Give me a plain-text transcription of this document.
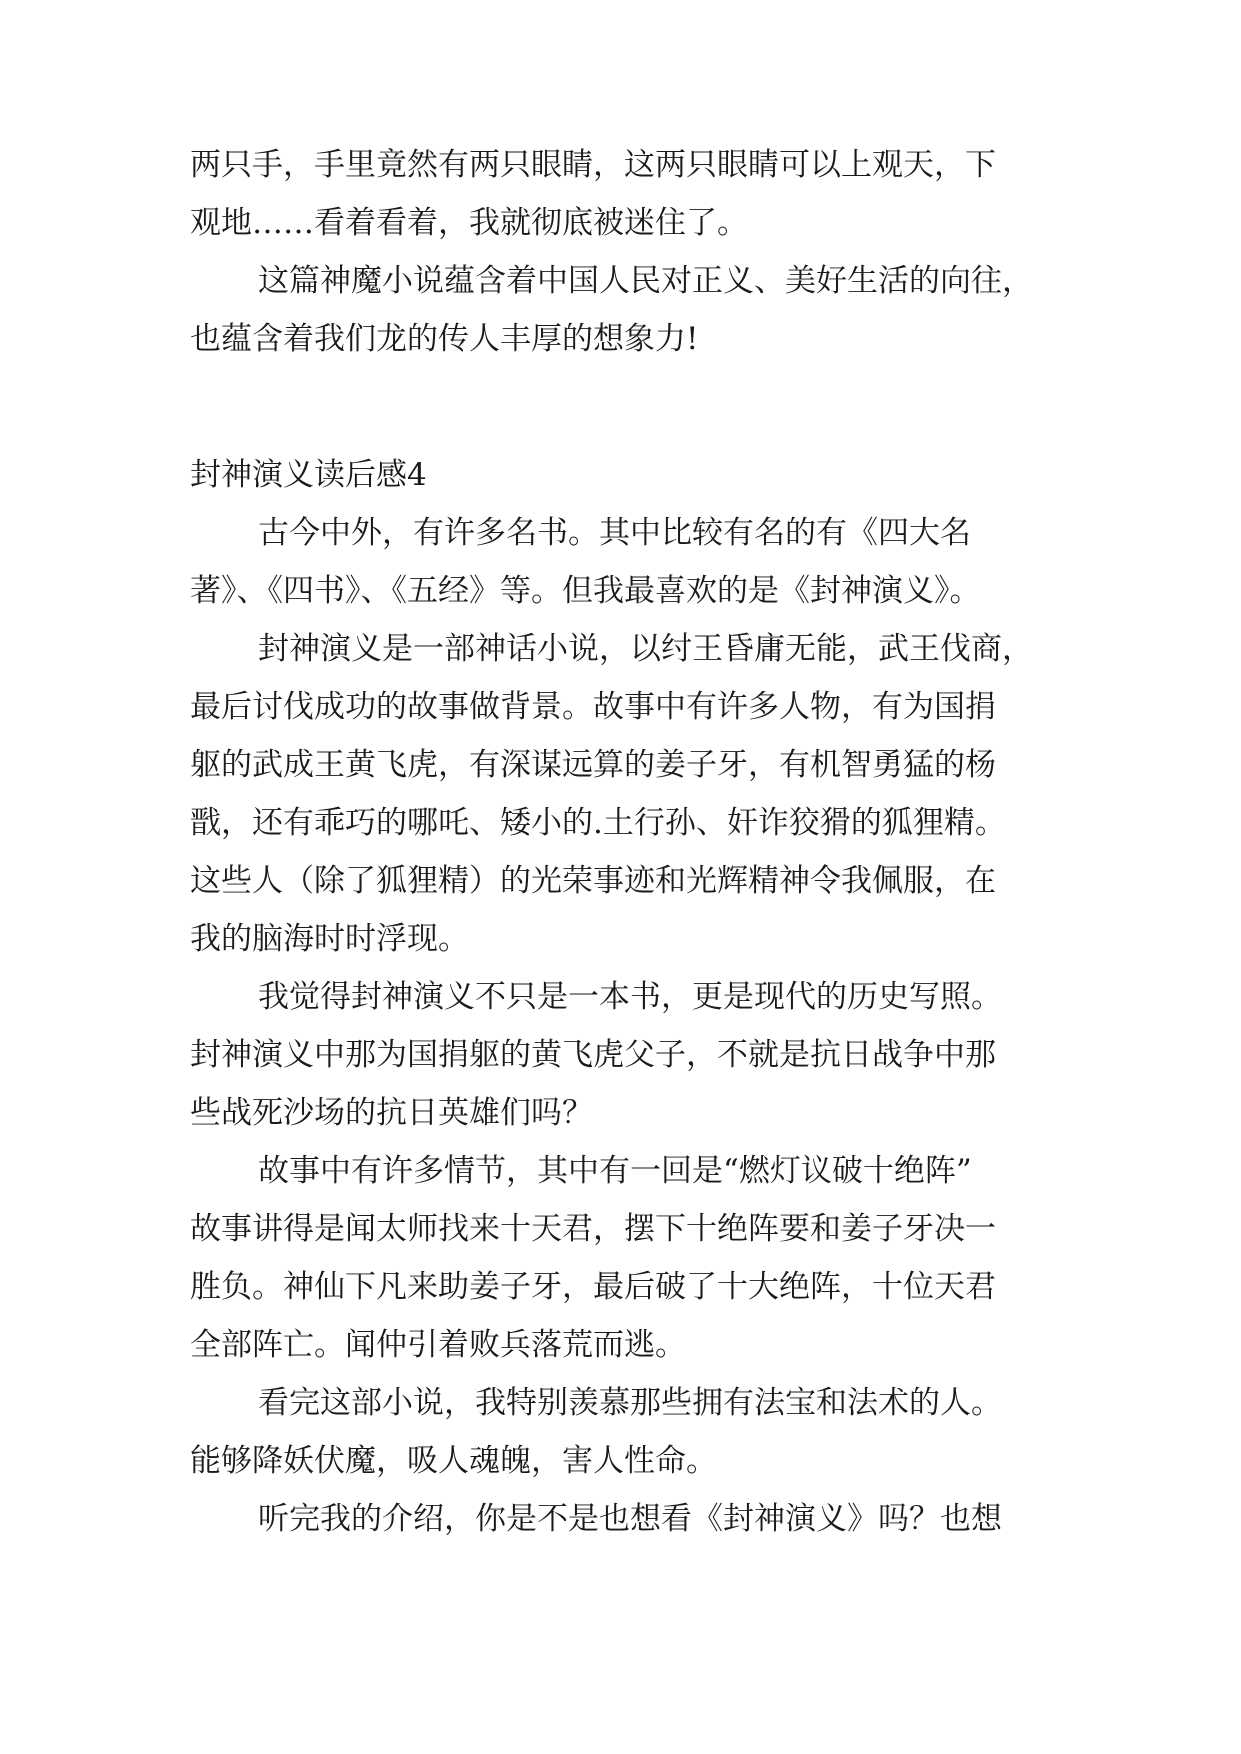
两只手，手里竟然有两只眼睛，这两只眼睛可以上观天，下
观地……看着看着，我就彻底被迷住了。
这篇神魔小说蕴含着中国人民对正义、美好生活的向往，
也蕴含着我们龙的传人丰厚的想象力!
封神演义读后感4
古今中外，有许多名书。其中比较有名的有《四大名
著》、《四书》、《五经》等。但我最喜欢的是《封神演义》。
封神演义是一部神话小说，以纣王昏庸无能，武王伐商，
最后讨伐成功的故事做背景。故事中有许多人物，有为国捐
躯的武成王黄飞虎，有深谋远算的姜子牙，有机智勇猛的杨
戬，还有乖巧的哪吒、矮小的.土行孙、奸诈狡猾的狐狸精。
这些人（除了狐狸精）的光荣事迹和光辉精神令我佩服，在
我的脑海时时浮现。
我觉得封神演义不只是一本书，更是现代的历史写照。
封神演义中那为国捐躯的黄飞虎父子，不就是抗日战争中那
些战死沙场的抗日英雄们吗？
故事中有许多情节，其中有一回是“燃灯议破十绝阵”
故事讲得是闻太师找来十天君，摆下十绝阵要和姜子牙决一
胜负。神仙下凡来助姜子牙，最后破了十大绝阵，十位天君
全部阵亡。闻仲引着败兵落荒而逃。
看完这部小说，我特别羡慕那些拥有法宝和法术的人。
能够降妖伏魔，吸人魂魄，害人性命。
听完我的介绍，你是不是也想看《封神演义》吗？也想
